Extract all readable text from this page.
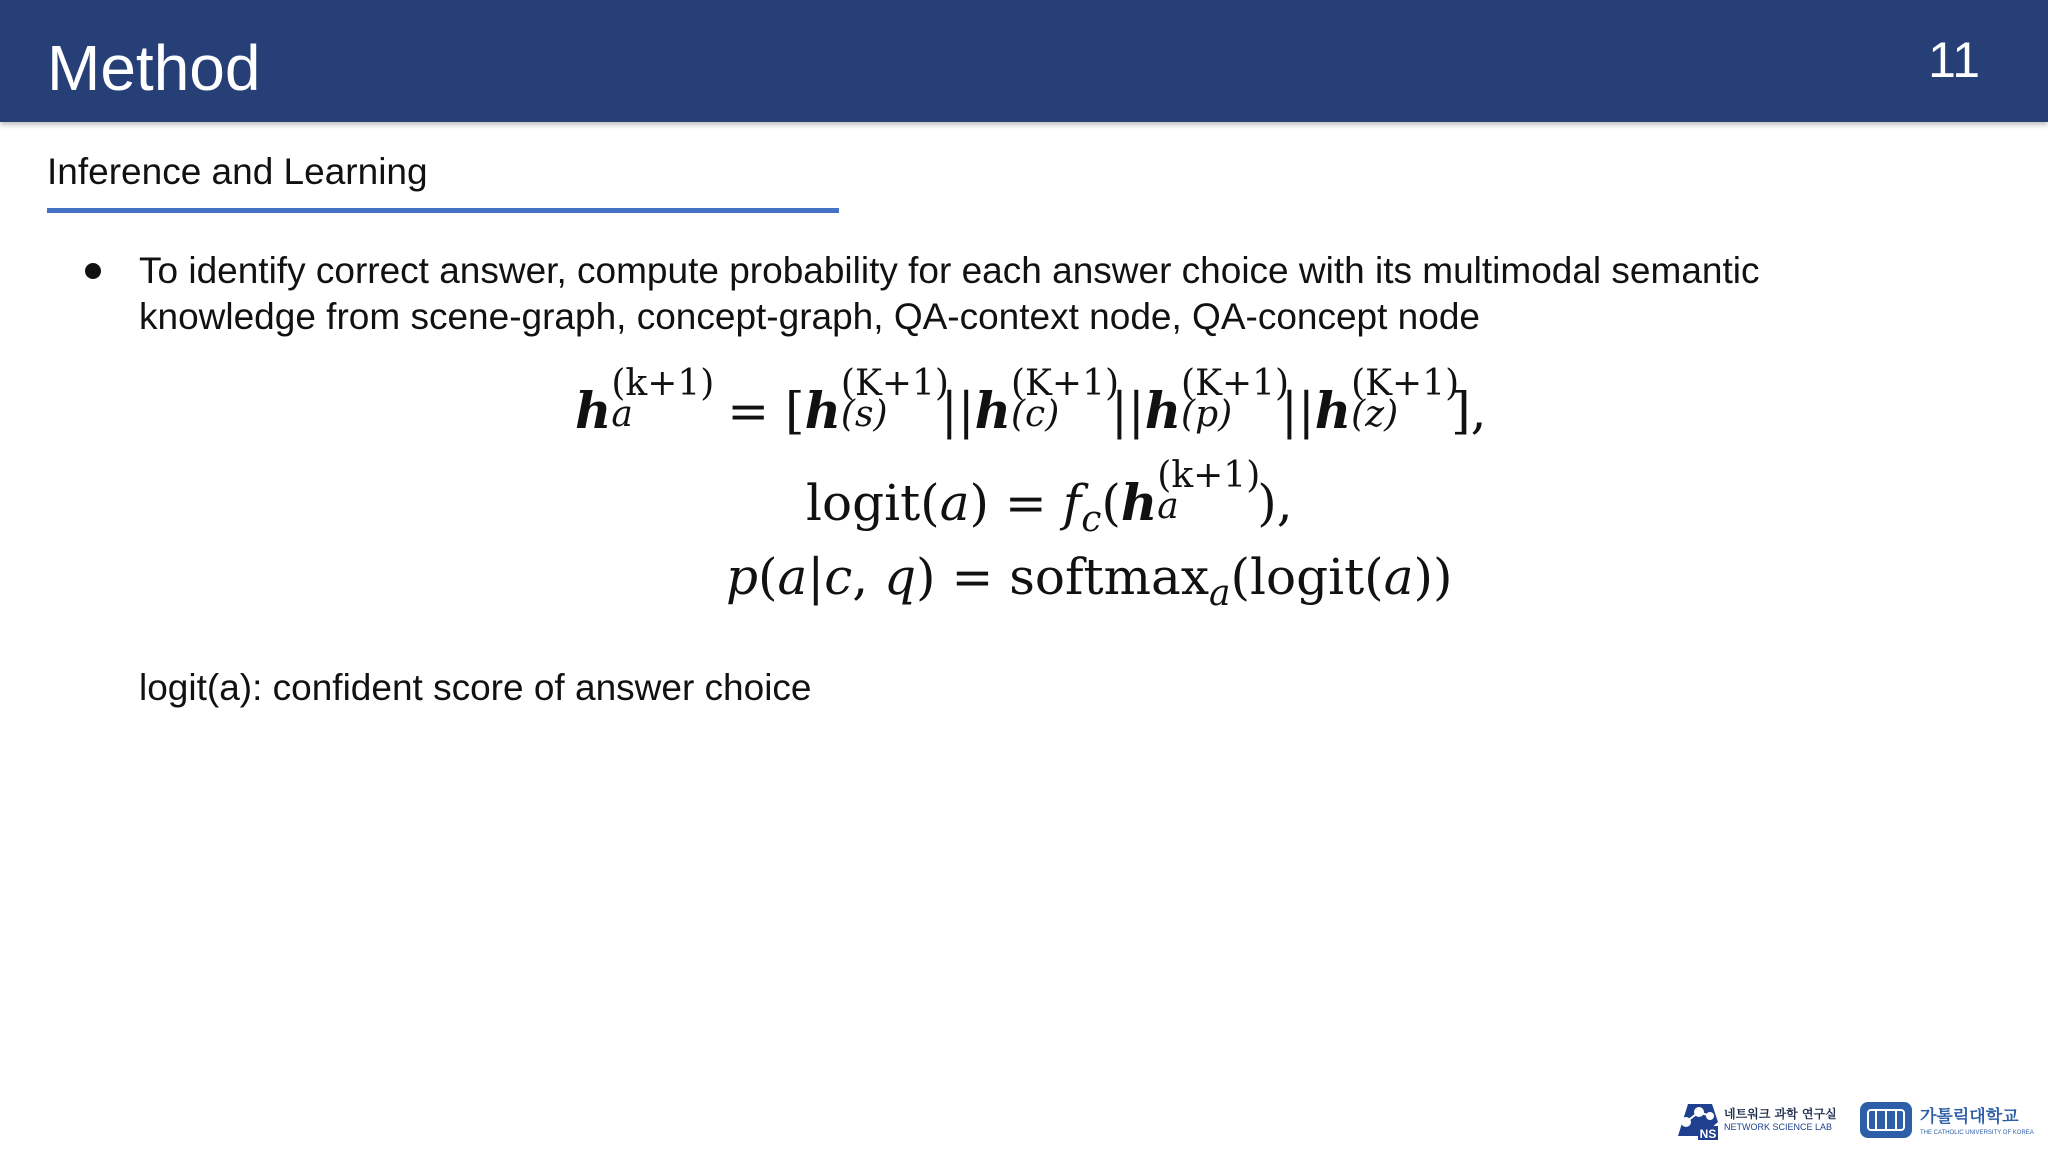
Method	11
Inference and Learning
To identify correct answer, compute probability for each answer choice with its multimodal semantic knowledge from scene-graph, concept-graph, QA-context node, QA-concept node
h (k+1)
a = [h (K+1)
(s) ||h (K+1)
(c) ||h (K+1)
(p) ||h (K+1)
(z) ],
logit(a) = $f_c(h$ (k+1)
a ),
p(a|c, q) = softmax$_a$(logit(a))
logit(a): confident score of answer choice
NS
네트워크 과학 연구실
NETWORK SCIENCE LAB	가톨릭대학교
THE CATHOLIC UNIVERSITY OF KOREA
